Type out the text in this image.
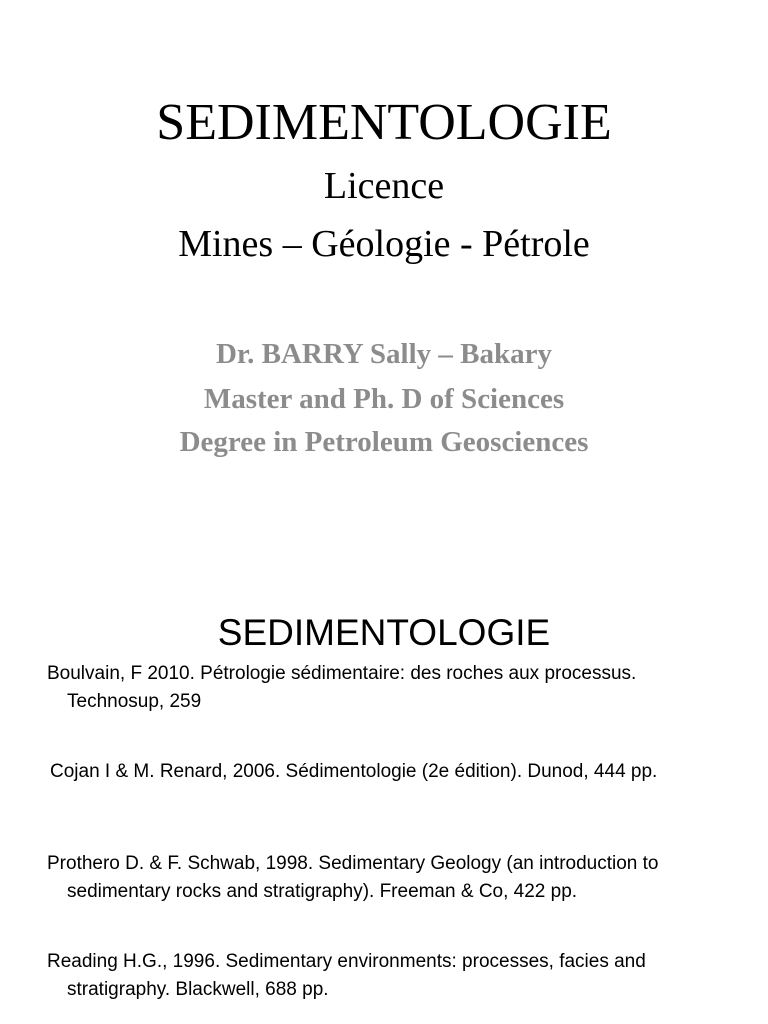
SEDIMENTOLOGIE
Licence
Mines – Géologie - Pétrole
Dr. BARRY Sally – Bakary
Master and Ph. D of Sciences
Degree in Petroleum Geosciences
SEDIMENTOLOGIE

Boulvain, F 2010. Pétrologie sédimentaire: des roches aux processus. Technosup, 259

Cojan I & M. Renard, 2006. Sédimentologie (2e édition). Dunod, 444 pp.

Prothero D. & F. Schwab, 1998. Sedimentary Geology (an introduction to sedimentary rocks and stratigraphy). Freeman & Co, 422 pp.

Reading H.G., 1996. Sedimentary environments: processes, facies and stratigraphy. Blackwell, 688 pp.
